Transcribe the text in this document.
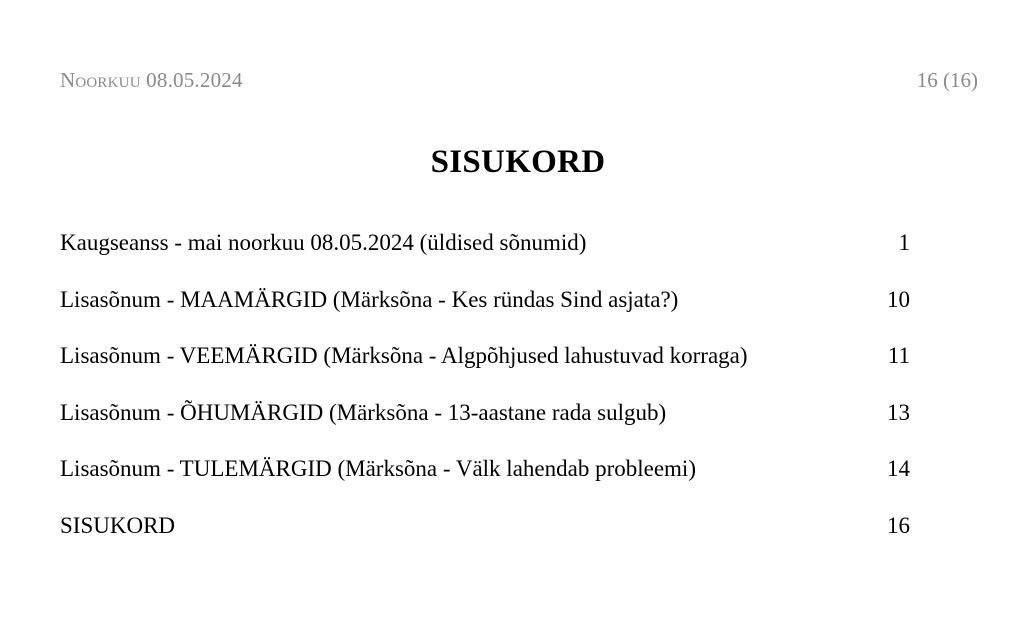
Noorkuu 08.05.2024	16 (16)
SISUKORD
Kaugseanss - mai noorkuu 08.05.2024 (üldised sõnumid)	1
Lisasõnum - MAAMÄRGID (Märksõna - Kes ründas Sind asjata?)	10
Lisasõnum - VEEMÄRGID (Märksõna - Algpõhjused lahustuvad korraga)	11
Lisasõnum - ÕHUMÄRGID (Märksõna - 13-aastane rada sulgub)	13
Lisasõnum - TULEMÄRGID (Märksõna - Välk lahendab probleemi)	14
SISUKORD	16
